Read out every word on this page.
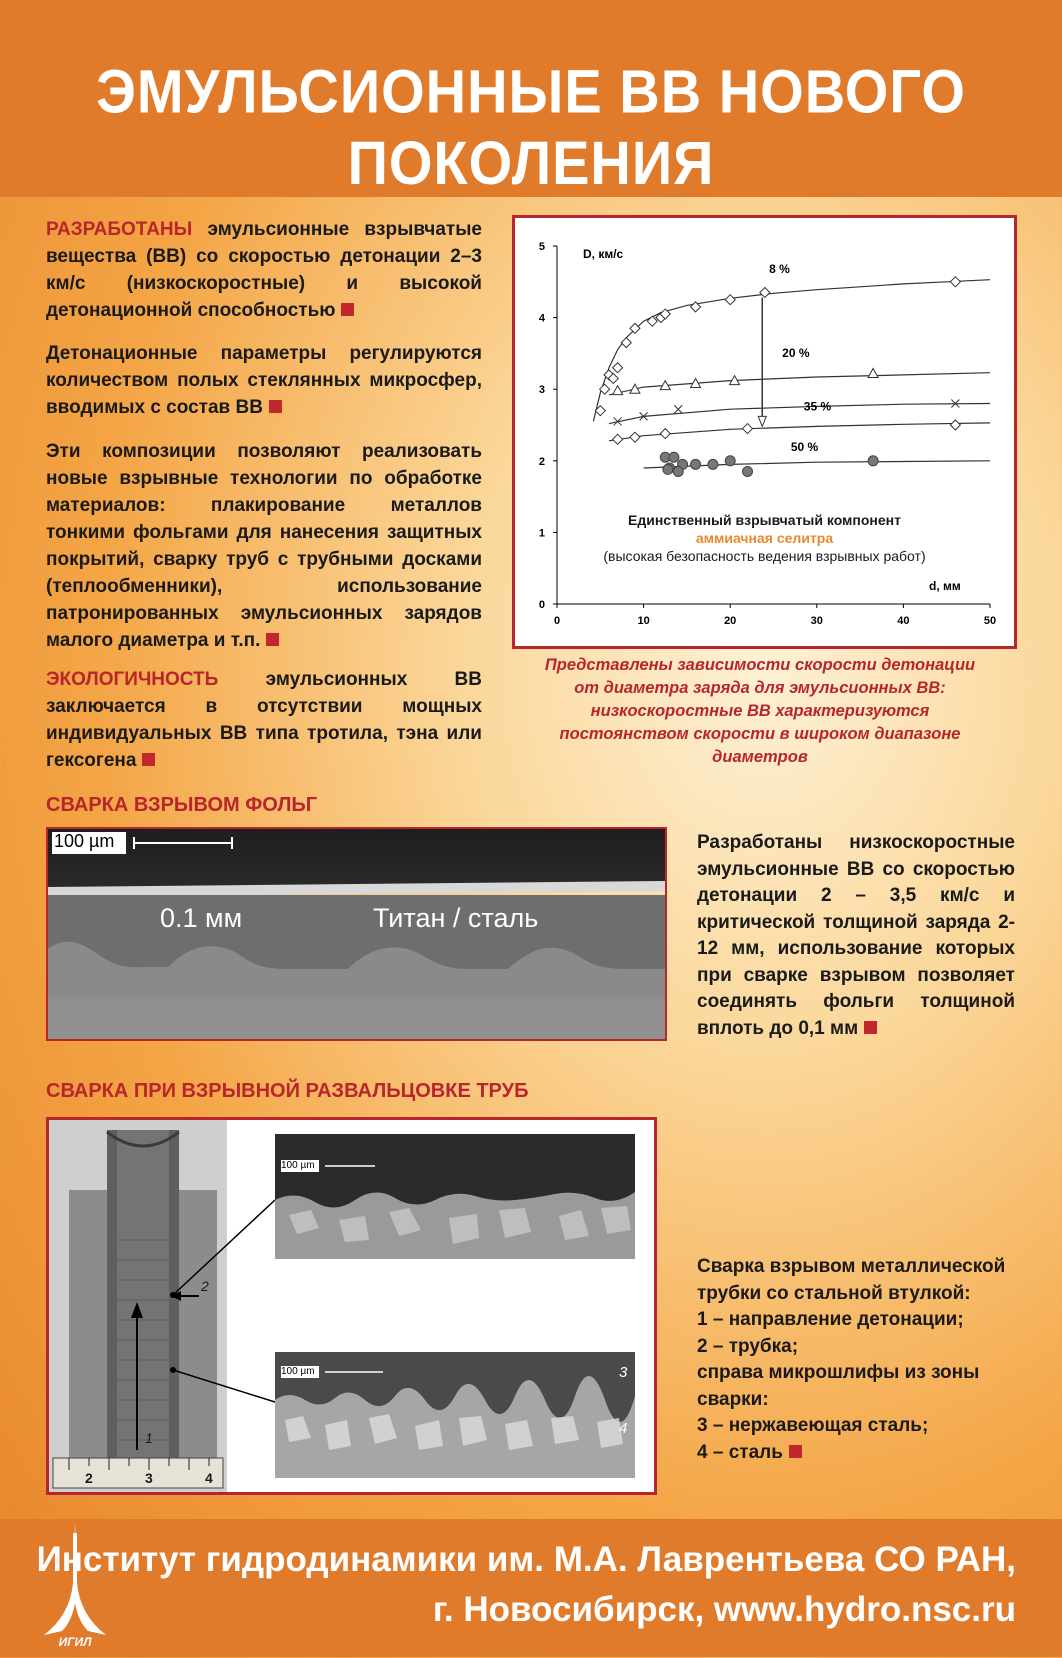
ЭМУЛЬСИОННЫЕ ВВ НОВОГО ПОКОЛЕНИЯ

РАЗРАБОТАНЫ эмульсионные взрывчатые вещества (ВВ) со скоростью детонации 2–3 км/с (низкоскоростные) и высокой детонационной способностью

Детонационные параметры регулируются количеством полых стеклянных микросфер, вводимых с состав ВВ

Эти композиции позволяют реализовать новые взрывные технологии по обработке материалов: плакирование металлов тонкими фольгами для нанесения защитных покрытий, сварку труб с трубными досками (теплообменники), использование патронированных эмульсионных зарядов малого диаметра и т.п.

ЭКОЛОГИЧНОСТЬ эмульсионных ВВ заключается в отсутствии мощных индивидуальных ВВ типа тротила, тэна или гексогена

0	10	20	30	40	50
0
1
2
3
4
5	D, км/с
d, мм
8 %
20 %
35 %
50 %
Единственный взрывчатый компонент
аммиачная селитра
(высокая безопасность ведения взрывных работ)
Представлены зависимости скорости детонации
от диаметра заряда для эмульсионных ВВ:
низкоскоростные ВВ характеризуются
постоянством скорости в широком диапазоне диаметров
СВАРКА ВЗРЫВОМ ФОЛЬГ
100 µm
0.1 мм	Титан / сталь

Разработаны низкоскоростные эмульсионные ВВ со скоростью детонации 2 – 3,5 км/с и критической толщиной заряда 2-12 мм, использование которых при сварке взрывом позволяет соединять фольги толщиной вплоть до 0,1 мм

СВАРКА ПРИ ВЗРЫВНОЙ РАЗВАЛЬЦОВКЕ ТРУБ
100 µm
100 µm
1
2
3
4
2	3	4
Сварка взрывом металлической трубки со стальной втулкой:
1 – направление детонации;
2 – трубка;
справа микрошлифы из зоны сварки:
3 – нержавеющая сталь;
4 – сталь
ИГИЛ
Институт гидродинамики им. М.А. Лаврентьева СО РАН,
г. Новосибирск, www.hydro.nsc.ru
